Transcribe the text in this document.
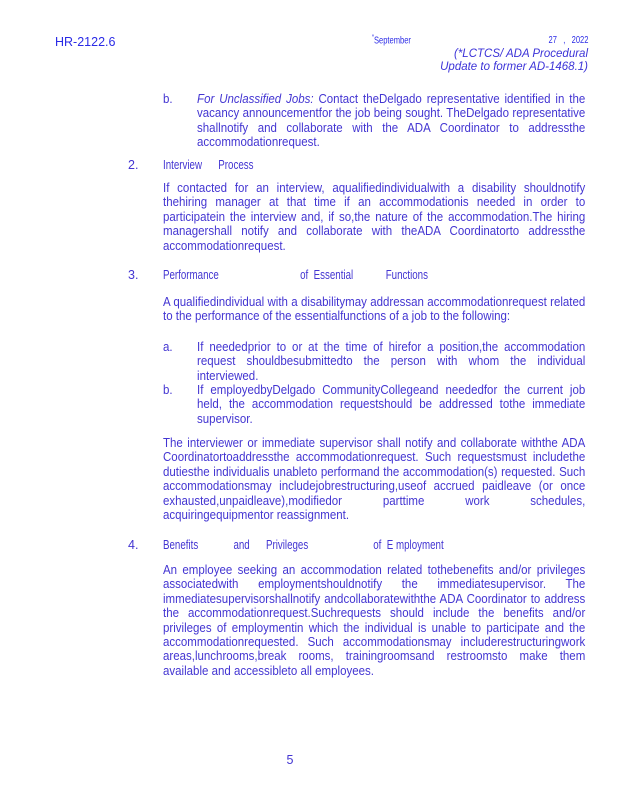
HR-2122.6	*September	27   ,   2022
(*LCTCS/ ADA Procedural
Update to former AD-1468.1)
b.	For Unclassified Jobs: Contact theDelgado representative identified in the vacancy announcementfor the job being sought. TheDelgado representative shallnotify and collaborate with the ADA Coordinator to addressthe accommodationrequest.
2.	Interview      Process
If contacted for an interview, aqualifiedindividualwith a disability shouldnotify thehiring manager at that time if an accommodationis needed in order to participatein the interview and, if so,the nature of the accommodation.The hiring managershall notify and collaborate with theADA Coordinatorto addressthe accommodationrequest.
3.	Performance                              of  Essential            Functions
A qualifiedindividual with a disabilitymay addressan accommodationrequest related to the performance of the essentialfunctions of a job to the following:
a.	If neededprior to or at the time of hirefor a position,the accommodation request shouldbesubmittedto the person with whom the individual interviewed.
b.	If employedbyDelgado CommunityCollegeand neededfor the current job held, the accommodation requestshould be addressed tothe immediate supervisor.
The interviewer or immediate supervisor shall notify and collaborate withthe ADA Coordinatortoaddressthe accommodationrequest. Such requestsmust includethe dutiesthe individualis unableto performand the accommodation(s) requested. Such accommodationsmay includejobrestructuring,useof accrued paidleave (or once exhausted,unpaidleave),modifiedor parttime work schedules, acquiringequipmentor reassignment.
4.	Benefits             and      Privileges                        of  E mployment
An employee seeking an accommodation related tothebenefits and/or privileges associatedwith employmentshouldnotify the immediatesupervisor. The immediatesupervisorshallnotify andcollaboratewiththe ADA Coordinator to address the accommodationrequest.Suchrequests should include the benefits and/or privileges of employmentin which the individual is unable to participate and the accommodationrequested. Such accommodationsmay includerestructuringwork areas,lunchrooms,break rooms, trainingroomsand restroomsto make them available and accessibleto all employees.
5
